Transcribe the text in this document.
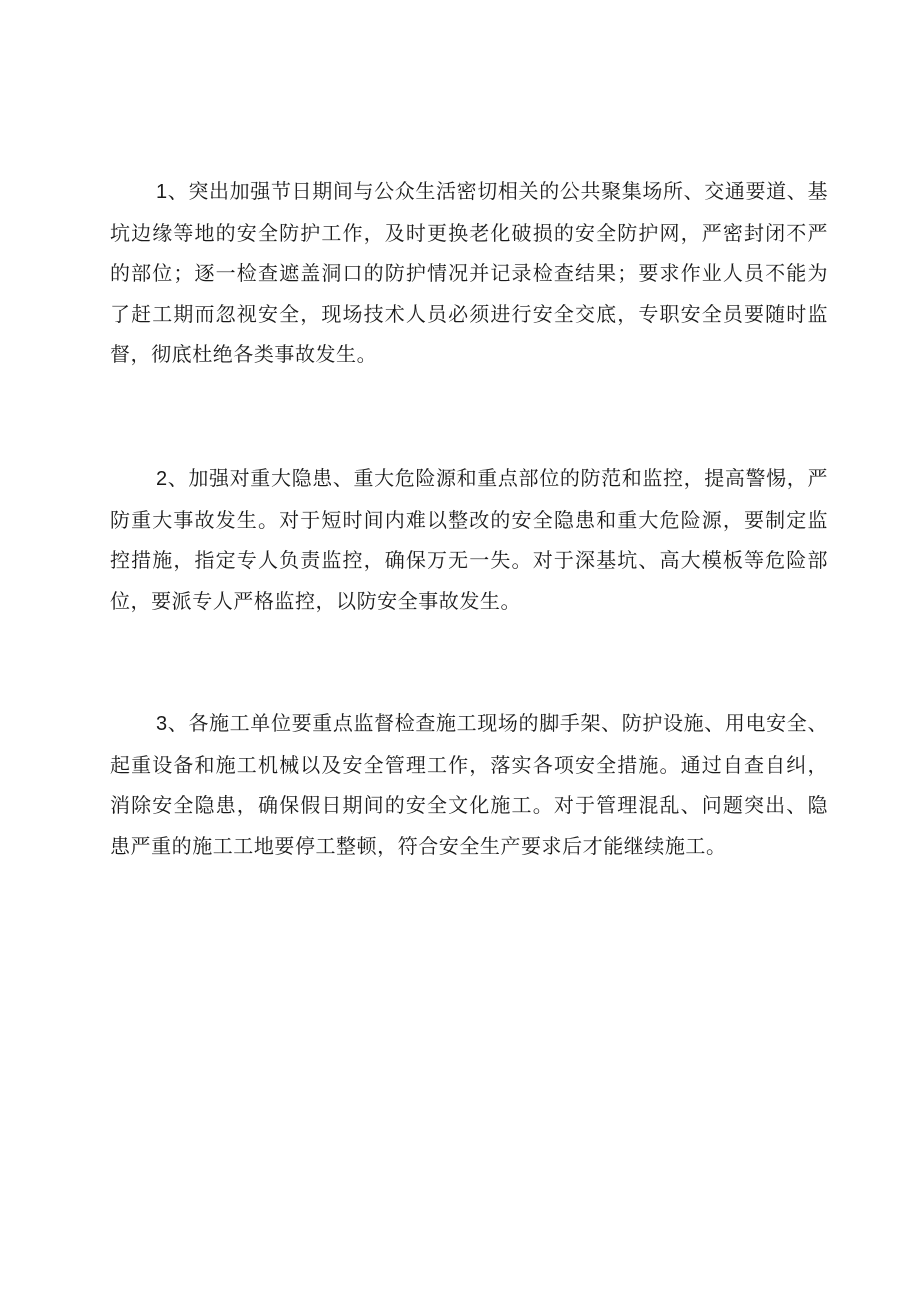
1、突出加强节日期间与公众生活密切相关的公共聚集场所、交通要道、基坑边缘等地的安全防护工作，及时更换老化破损的安全防护网，严密封闭不严的部位；逐一检查遮盖洞口的防护情况并记录检查结果；要求作业人员不能为了赶工期而忽视安全，现场技术人员必须进行安全交底，专职安全员要随时监督，彻底杜绝各类事故发生。

2、加强对重大隐患、重大危险源和重点部位的防范和监控，提高警惕，严防重大事故发生。对于短时间内难以整改的安全隐患和重大危险源，要制定监控措施，指定专人负责监控，确保万无一失。对于深基坑、高大模板等危险部位，要派专人严格监控，以防安全事故发生。

3、各施工单位要重点监督检查施工现场的脚手架、防护设施、用电安全、起重设备和施工机械以及安全管理工作，落实各项安全措施。通过自查自纠，消除安全隐患，确保假日期间的安全文化施工。对于管理混乱、问题突出、隐患严重的施工工地要停工整顿，符合安全生产要求后才能继续施工。
